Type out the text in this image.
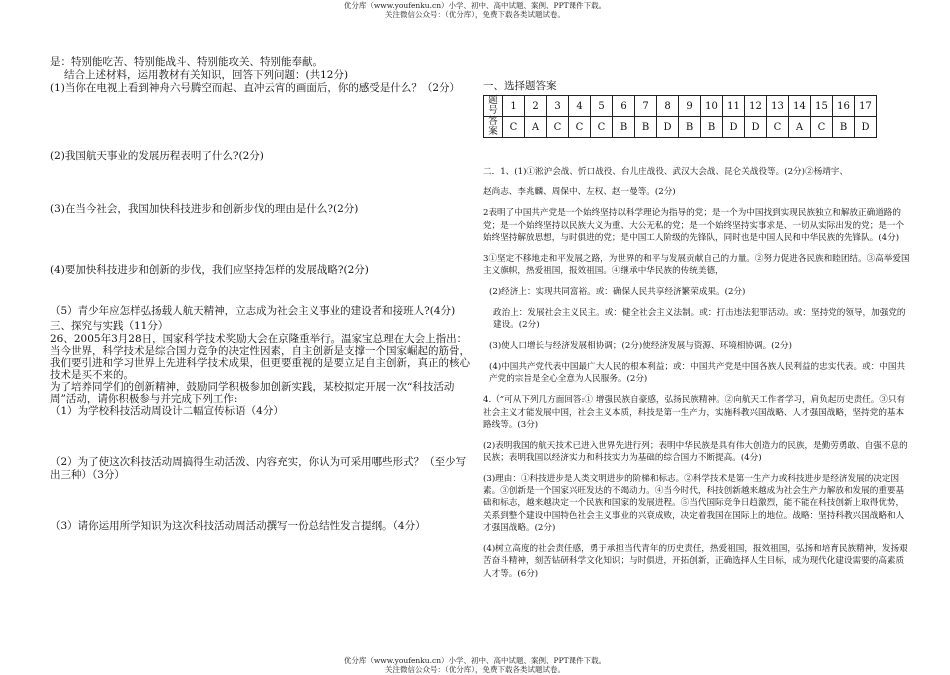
优分库（www.youfenku.cn）小学、初中、高中试题、案例、PPT课件下载。
关注微信公众号：（优分库），免费下载各类试题试卷。

是：特别能吃苦、特别能战斗、特别能攻关、特别能奉献。

结合上述材料，运用教材有关知识，回答下列问题：(共12分)

(1)当你在电视上看到神舟六号腾空而起、直冲云宵的画面后，你的感受是什么？（2分）

(2)我国航天事业的发展历程表明了什么?(2分)

(3)在当今社会，我国加快科技进步和创新步伐的理由是什么?(2分)

(4)要加快科技进步和创新的步伐，我们应坚持怎样的发展战略?(2分)

（5）青少年应怎样弘扬载人航天精神，立志成为社会主义事业的建设者和接班人?(4分)

三、探究与实践（11分）

26、2005年3月28日，国家科学技术奖励大会在京隆重举行。温家宝总理在大会上指出：当今世界，科学技术是综合国力竞争的决定性因素，自主创新是支撑一个国家崛起的筋骨，我们要引进和学习世界上先进科学技术成果，但更要重视的是要立足自主创新，真正的核心技术是买不来的。

为了培养同学们的创新精神，鼓励同学积极参加创新实践，某校拟定开展一次“科技活动周”活动，请你积极参与并完成下列工作:

（1）为学校科技活动周设计二幅宣传标语（4分）

（2）为了使这次科技活动周搞得生动活泼、内容充实，你认为可采用哪些形式？（至少写出三种）（3分）

（3）请你运用所学知识为这次科技活动周活动撰写一份总结性发言提纲。（4分）

一、选择题答案
题号	1	2	3	4	5	6	7	8	9	10	11	12	13	14	15	16	17
答案	C	A	C	C	C	B	B	D	B	B	D	D	C	A	C	B	D

二．1、(1)①淞沪会战、忻口战役、台儿庄战役、武汉大会战、昆仑关战役等。(2分)②杨靖宇、

赵尚志、李兆麟、周保中、左权、赵一曼等。(2分)

2表明了中国共产党是一个始终坚持以科学理论为指导的党；是一个为中国找到实现民族独立和解放正确道路的党；是一个始终坚持以民族大义为重、大公无私的党；是一个始终坚持实事求是、一切从实际出发的党；是一个始终坚持解放思想，与时俱进的党；是中国工人阶级的先锋队，同时也是中国人民和中华民族的先锋队。(4分)

3①坚定不移地走和平发展之路，为世界的和平与发展贡献自己的力量。②努力促进各民族和睦团结。③高举爱国主义旗帜，热爱祖国，报效祖国。④继承中华民族的传统美德，

(2)经济上：实现共同富裕。或：确保人民共享经济繁荣成果。(2分)

政治上：发展社会主义民主。或：健全社会主义法制。或：打击违法犯罪活动。或：坚持党的领导，加强党的建设。(2分)

(3)使人口增长与经济发展相协调；(2分)使经济发展与资源、环境相协调。(2分)

(4)中国共产党代表中国最广大人民的根本利益；或：中国共产党是中国各族人民利益的忠实代表。或：中国共产党的宗旨是全心全意为人民服务。(2分)

4.（”可从下列几方面回答:① 增强民族自豪感，弘扬民族精神。②向航天工作者学习，肩负起历史责任。③只有社会主义才能发展中国，社会主义本质，科技是第一生产力，实施科教兴国战略、人才强国战略，坚持党的基本路线等。(3分)

(2)表明我国的航天技术已进入世界先进行列；表明中华民族是具有伟大创造力的民族，是勤劳勇敢、自强不息的民族；表明我国以经济实力和科技实力为基础的综合国力不断提高。(4分)

(3)理由：①科技进步是人类文明进步的阶梯和标志。②科学技术是第一生产力或科技进步是经济发展的决定因素。③创新是一个国家兴旺发达的不竭动力。④当今时代，科技创新越来越成为社会生产力解放和发展的重要基础和标志，越来越决定一个民族和国家的发展进程。⑤当代国际竞争日趋激烈，能不能在科技创新上取得优势，关系到整个建设中国特色社会主义事业的兴衰成败，决定着我国在国际上的地位。战略：坚持科教兴国战略和人才强国战略。(2分)

(4)树立高度的社会责任感，勇于承担当代青年的历史责任，热爱祖国，报效祖国，弘扬和培育民族精神，发扬艰苦奋斗精神，刻苦钻研科学文化知识；与时俱进，开拓创新，正确选择人生目标，成为现代化建设需要的高素质人才等。(6分)

优分库（www.youfenku.cn）小学、初中、高中试题、案例、PPT课件下载。
关注微信公众号：（优分库），免费下载各类试题试卷。
